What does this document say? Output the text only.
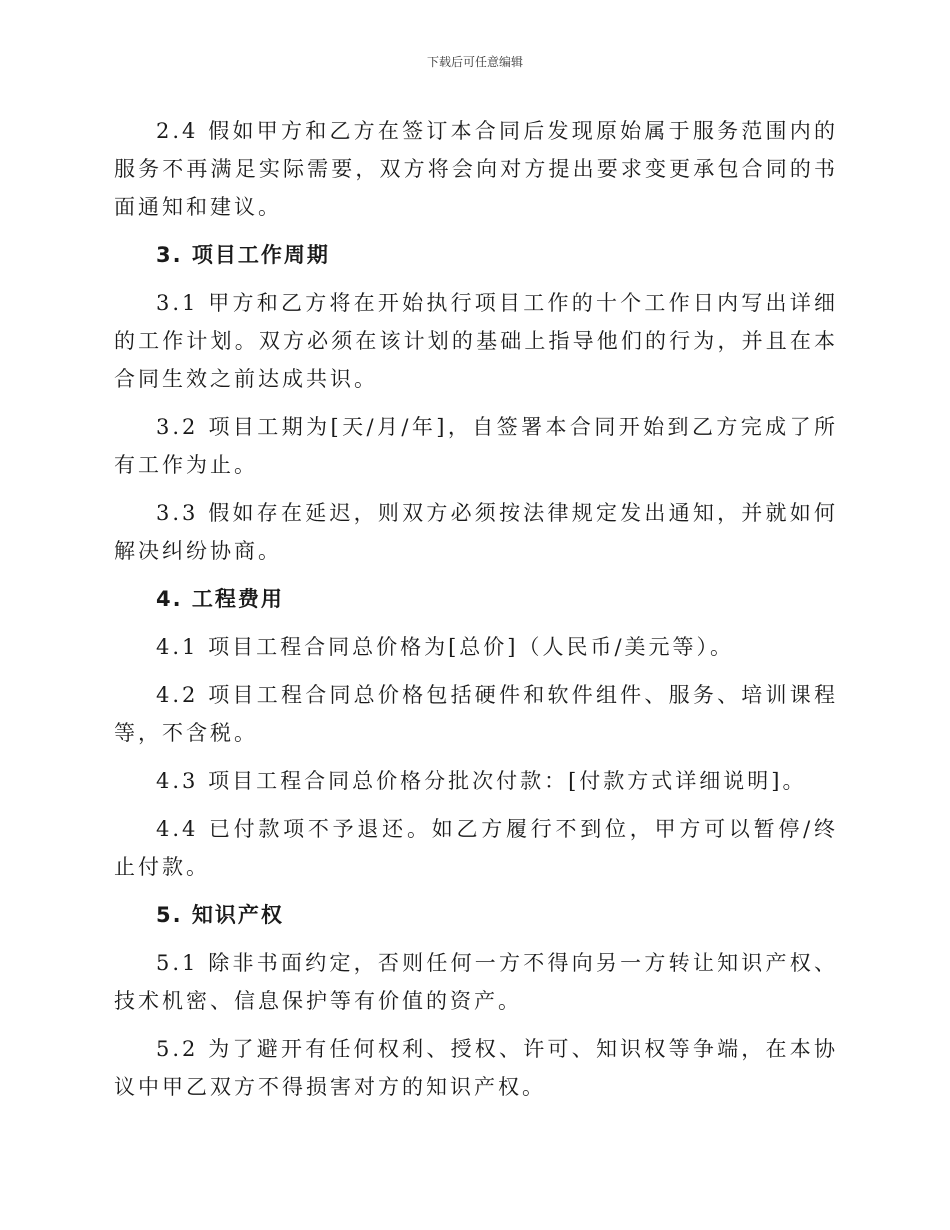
下载后可任意编辑

2.4 假如甲方和乙方在签订本合同后发现原始属于服务范围内的服务不再满足实际需要，双方将会向对方提出要求变更承包合同的书面通知和建议。

3. 项目工作周期

3.1 甲方和乙方将在开始执行项目工作的十个工作日内写出详细的工作计划。双方必须在该计划的基础上指导他们的行为，并且在本合同生效之前达成共识。

3.2 项目工期为[天/月/年]，自签署本合同开始到乙方完成了所有工作为止。

3.3 假如存在延迟，则双方必须按法律规定发出通知，并就如何解决纠纷协商。

4. 工程费用

4.1 项目工程合同总价格为[总价]（人民币/美元等）。

4.2 项目工程合同总价格包括硬件和软件组件、服务、培训课程等，不含税。

4.3 项目工程合同总价格分批次付款：[付款方式详细说明]。

4.4 已付款项不予退还。如乙方履行不到位，甲方可以暂停/终止付款。

5. 知识产权

5.1 除非书面约定，否则任何一方不得向另一方转让知识产权、技术机密、信息保护等有价值的资产。

5.2 为了避开有任何权利、授权、许可、知识权等争端，在本协议中甲乙双方不得损害对方的知识产权。
